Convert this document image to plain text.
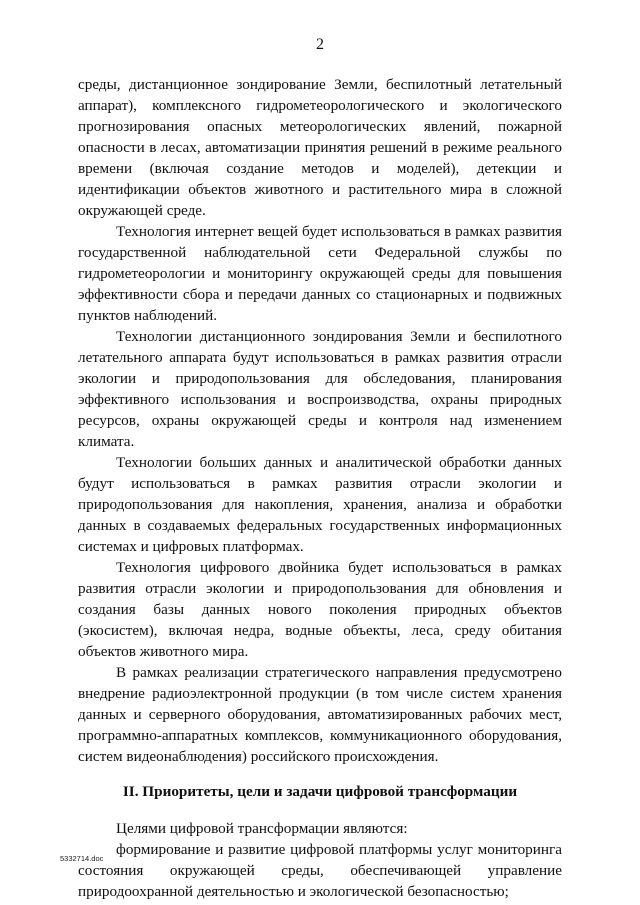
2

среды, дистанционное зондирование Земли, беспилотный летательный аппарат), комплексного гидрометеорологического и экологического прогнозирования опасных метеорологических явлений, пожарной опасности в лесах, автоматизации принятия решений в режиме реального времени (включая создание методов и моделей), детекции и идентификации объектов животного и растительного мира в сложной окружающей среде.

Технология интернет вещей будет использоваться в рамках развития государственной наблюдательной сети Федеральной службы по гидрометеорологии и мониторингу окружающей среды для повышения эффективности сбора и передачи данных со стационарных и подвижных пунктов наблюдений.

Технологии дистанционного зондирования Земли и беспилотного летательного аппарата будут использоваться в рамках развития отрасли экологии и природопользования для обследования, планирования эффективного использования и воспроизводства, охраны природных ресурсов, охраны окружающей среды и контроля над изменением климата.

Технологии больших данных и аналитической обработки данных будут использоваться в рамках развития отрасли экологии и природопользования для накопления, хранения, анализа и обработки данных в создаваемых федеральных государственных информационных системах и цифровых платформах.

Технология цифрового двойника будет использоваться в рамках развития отрасли экологии и природопользования для обновления и создания базы данных нового поколения природных объектов (экосистем), включая недра, водные объекты, леса, среду обитания объектов животного мира.

В рамках реализации стратегического направления предусмотрено внедрение радиоэлектронной продукции (в том числе систем хранения данных и серверного оборудования, автоматизированных рабочих мест, программно-аппаратных комплексов, коммуникационного оборудования, систем видеонаблюдения) российского происхождения.

II. Приоритеты, цели и задачи цифровой трансформации

Целями цифровой трансформации являются:

формирование и развитие цифровой платформы услуг мониторинга состояния окружающей среды, обеспечивающей управление природоохранной деятельностью и экологической безопасностью;

5332714.doc
